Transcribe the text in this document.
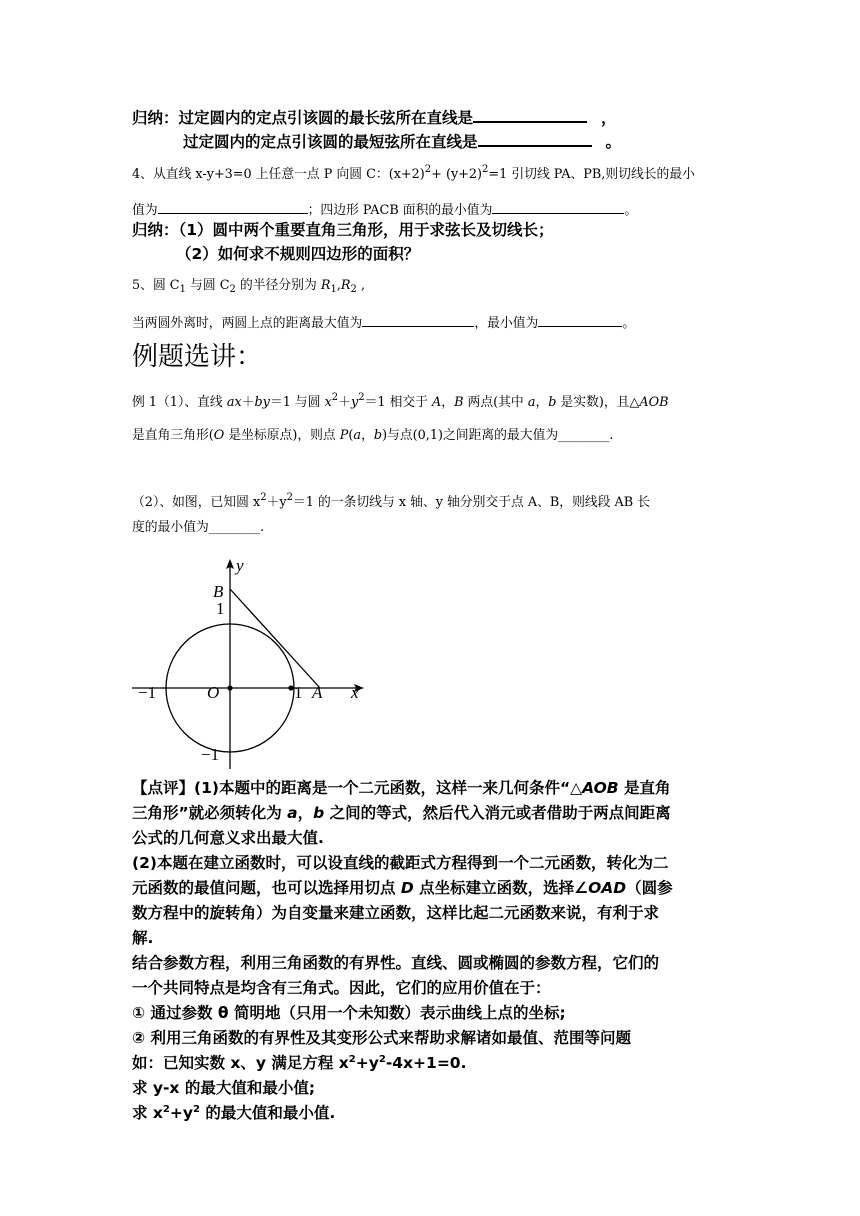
归纳：过定圆内的定点引该圆的最长弦所在直线是	，
过定圆内的定点引该圆的最短弦所在直线是	。
4、从直线 x-y+3=0 上任意一点 P 向圆 C：$(x+2)^2+ (y+2)^2=1$ 引切线 PA、PB,则切线长的最小
值为	；四边形 PACB 面积的最小值为	。
归纳：（1）圆中两个重要直角三角形，用于求弦长及切线长；
（2）如何求不规则四边形的面积？
5、圆 $C_1$ 与圆 $C_2$ 的半径分别为 $R_1,R_2$ ,
当两圆外离时，两圆上点的距离最大值为	，最小值为	。
例题选讲：
例 1（1）、直线 ax＋by＝1 与圆 $x^2+y^2=1$ 相交于 A，B 两点(其中 a，b 是实数)，且△AOB
是直角三角形(O 是坐标原点)，则点 P(a，b)与点(0,1)之间距离的最大值为________.
（2）、如图，已知圆 $x^2+y^2=1$ 的一条切线与 x 轴、y 轴分别交于点 A、B，则线段 AB 长
度的最小值为________.
y
x
B
1
O	1 A
−1
−1
【点评】(1)本题中的距离是一个二元函数，这样一来几何条件“△AOB 是直角
三角形”就必须转化为 a，b 之间的等式，然后代入消元或者借助于两点间距离
公式的几何意义求出最大值.
(2)本题在建立函数时，可以设直线的截距式方程得到一个二元函数，转化为二
元函数的最值问题，也可以选择用切点 D 点坐标建立函数，选择∠OAD（圆参
数方程中的旋转角）为自变量来建立函数，这样比起二元函数来说，有利于求
解.
结合参数方程，利用三角函数的有界性。直线、圆或椭圆的参数方程，它们的
一个共同特点是均含有三角式。因此，它们的应用价值在于：
① 通过参数 θ 简明地（只用一个未知数）表示曲线上点的坐标;
② 利用三角函数的有界性及其变形公式来帮助求解诸如最值、范围等问题
如：已知实数 x、y 满足方程 $x^2+y^2-4x+1=0$.
求 y-x 的最大值和最小值;
求 $x^2+y^2$ 的最大值和最小值.
